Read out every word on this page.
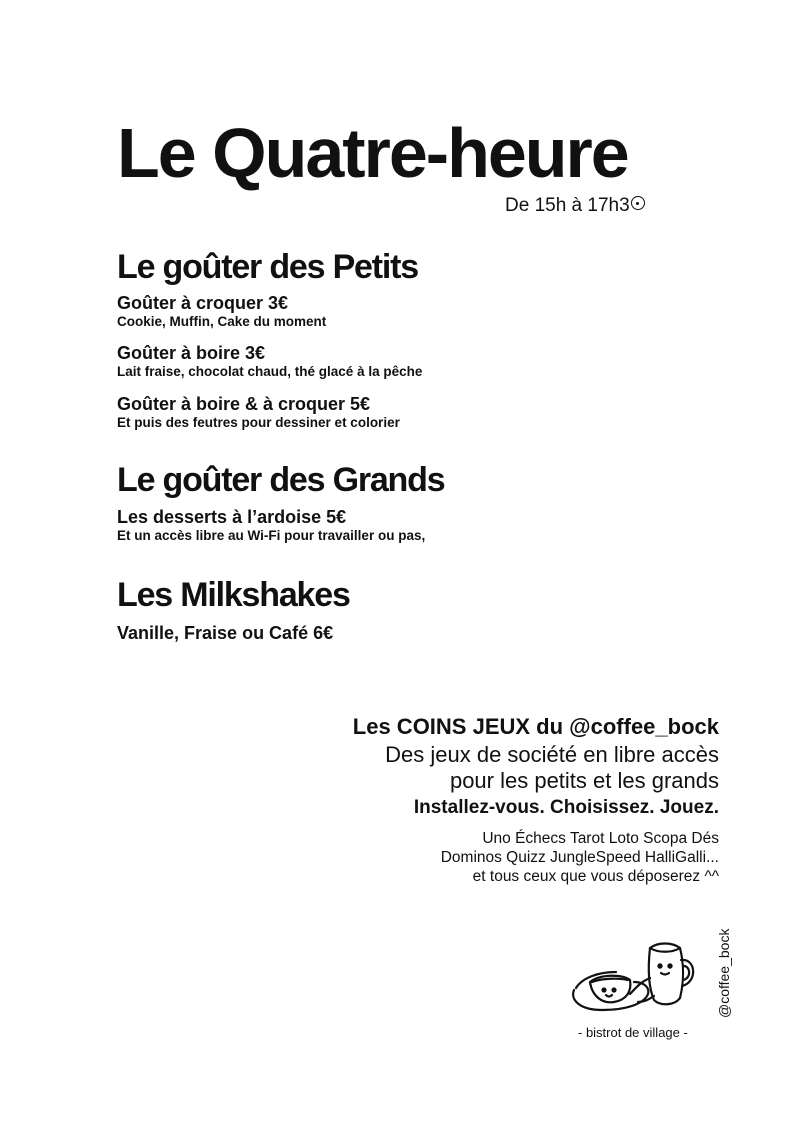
Le Quatre-heure
De 15h à 17h3
Le goûter des Petits
Goûter à croquer 3€
Cookie, Muffin, Cake du moment
Goûter à boire 3€
Lait fraise, chocolat chaud, thé glacé à la pêche
Goûter à boire & à croquer 5€
Et puis des feutres pour dessiner et colorier
Le goûter des Grands
Les desserts à l’ardoise 5€
Et un accès libre au Wi-Fi pour travailler ou pas,
Les Milkshakes
Vanille, Fraise ou Café 6€
Les COINS JEUX du @coffee_bock
Des jeux de société en libre accès
pour les petits et les grands
Installez-vous. Choisissez. Jouez.
Uno Échecs Tarot Loto Scopa Dés
Dominos Quizz JungleSpeed HalliGalli...
et tous ceux que vous déposerez ^^
@coffee_bock
- bistrot de village -
